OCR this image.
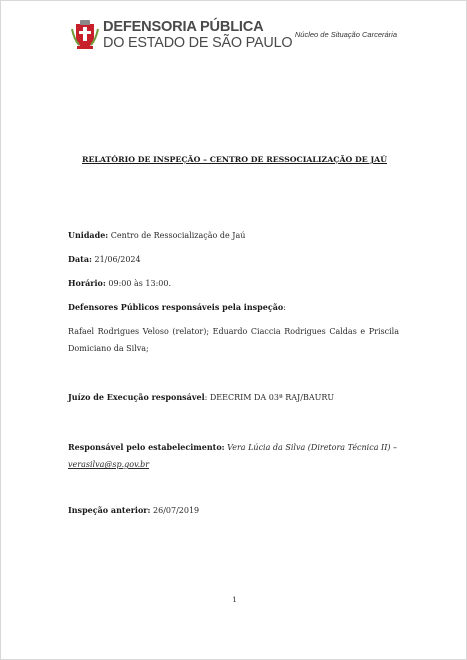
DEFENSORIA PÚBLICA
DO ESTADO DE SÃO PAULO
Núcleo de Situação Carcerária
RELATÓRIO DE INSPEÇÃO – CENTRO DE RESSOCIALIZAÇÃO DE JAÚ
Unidade: Centro de Ressocialização de Jaú
Data: 21/06/2024
Horário: 09:00 às 13:00.
Defensores Públicos responsáveis pela inspeção:
Rafael Rodrigues Veloso (relator); Eduardo Ciaccia Rodrigues Caldas e Priscila Domiciano da Silva;
Juízo de Execução responsável: DEECRIM DA 03ª RAJ/BAURU
Responsável pelo estabelecimento: Vera Lúcia da Silva (Diretora Técnica II) –
verasilva@sp.gov.br
Inspeção anterior: 26/07/2019
1
